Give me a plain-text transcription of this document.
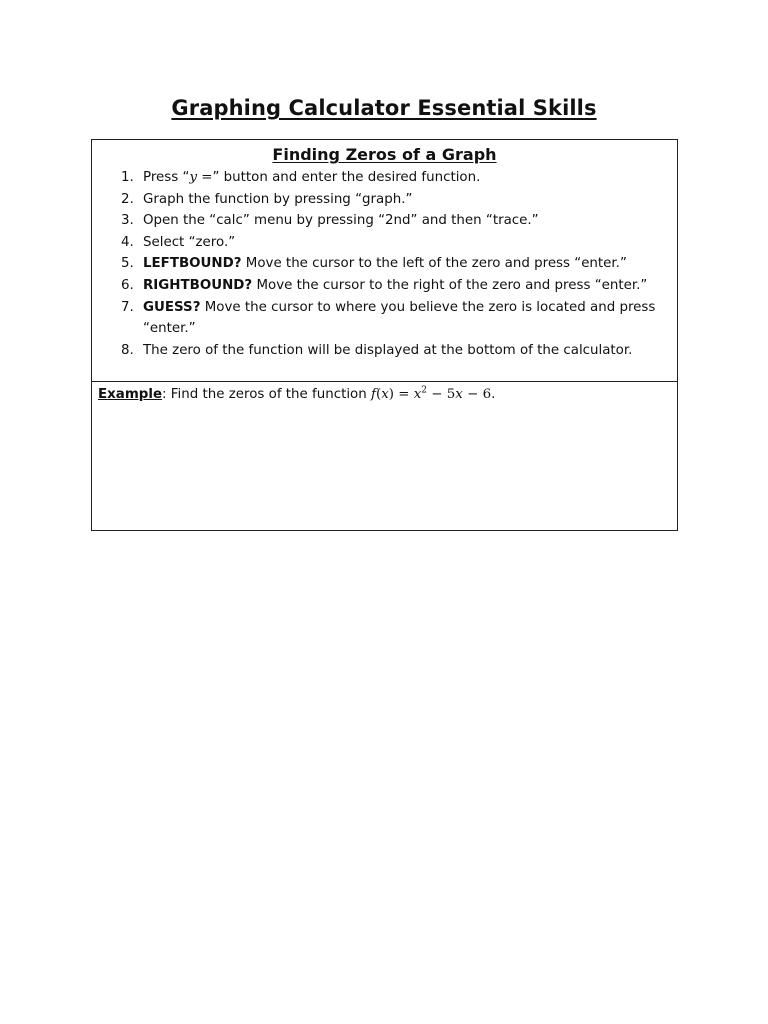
Graphing Calculator Essential Skills
Finding Zeros of a Graph
1. Press “y =” button and enter the desired function.
2. Graph the function by pressing “graph.”
3. Open the “calc” menu by pressing “2nd” and then “trace.”
4. Select “zero.”
5. LEFTBOUND? Move the cursor to the left of the zero and press “enter.”
6. RIGHTBOUND? Move the cursor to the right of the zero and press “enter.”
7. GUESS? Move the cursor to where you believe the zero is located and press “enter.”
8. The zero of the function will be displayed at the bottom of the calculator.
Example: Find the zeros of the function $f(x) = x^2 - 5x - 6$.
